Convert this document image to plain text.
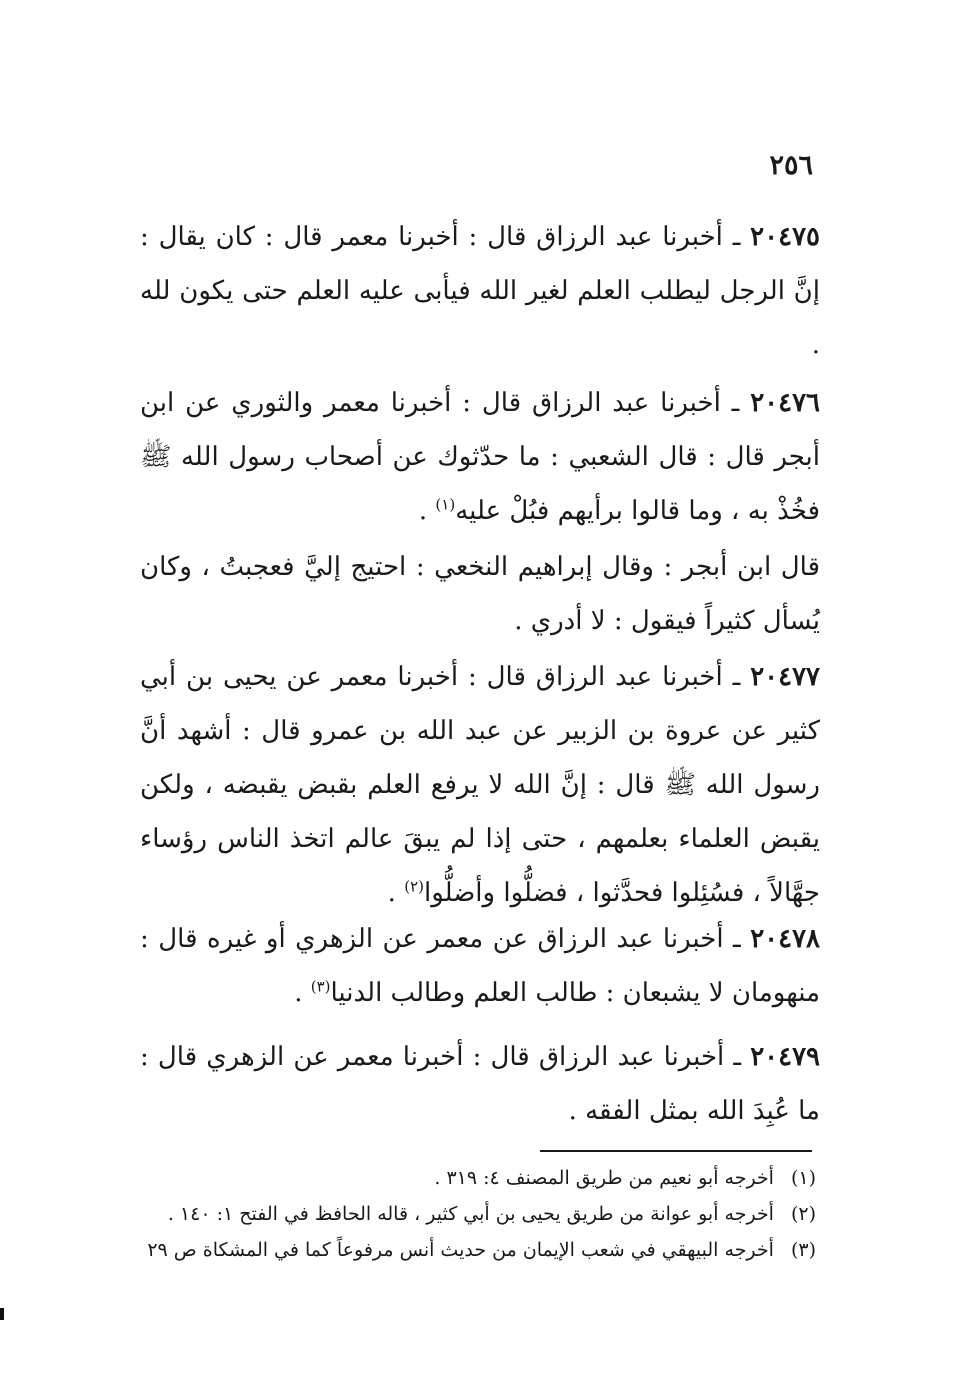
٢٥٦

٢٠٤٧٥ ـ أخبرنا عبد الرزاق قال : أخبرنا معمر قال : كان يقال : إنَّ الرجل ليطلب العلم لغير الله فيأبى عليه العلم حتى يكون لله .

٢٠٤٧٦ ـ أخبرنا عبد الرزاق قال : أخبرنا معمر والثوري عن ابن أبجر قال : قال الشعبي : ما حدّثوك عن أصحاب رسول الله ﷺ فخُذْ به ، وما قالوا برأيهم فبُلْ عليه$^{(١)}$ .

قال ابن أبجر : وقال إبراهيم النخعي : احتيج إليَّ فعجبتُ ، وكان يُسأل كثيراً فيقول : لا أدري .

٢٠٤٧٧ ـ أخبرنا عبد الرزاق قال : أخبرنا معمر عن يحيى بن أبي كثير عن عروة بن الزبير عن عبد الله بن عمرو قال : أشهد أنَّ رسول الله ﷺ قال : إنَّ الله لا يرفع العلم بقبض يقبضه ، ولكن يقبض العلماء بعلمهم ، حتى إذا لم يبقَ عالم اتخذ الناس رؤساء جهَّالاً ، فسُئِلوا فحدَّثوا ، فضلُّوا وأضلُّوا$^{(٢)}$ .

٢٠٤٧٨ ـ أخبرنا عبد الرزاق عن معمر عن الزهري أو غيره قال : منهومان لا يشبعان : طالب العلم وطالب الدنيا$^{(٣)}$ .

٢٠٤٧٩ ـ أخبرنا عبد الرزاق قال : أخبرنا معمر عن الزهري قال : ما عُبِدَ الله بمثل الفقه .

(١) أخرجه أبو نعيم من طريق المصنف ٤: ٣١٩ .

(٢) أخرجه أبو عوانة من طريق يحيى بن أبي كثير ، قاله الحافظ في الفتح ١: ١٤٠ .

(٣) أخرجه البيهقي في شعب الإيمان من حديث أنس مرفوعاً كما في المشكاة ص ٢٩
